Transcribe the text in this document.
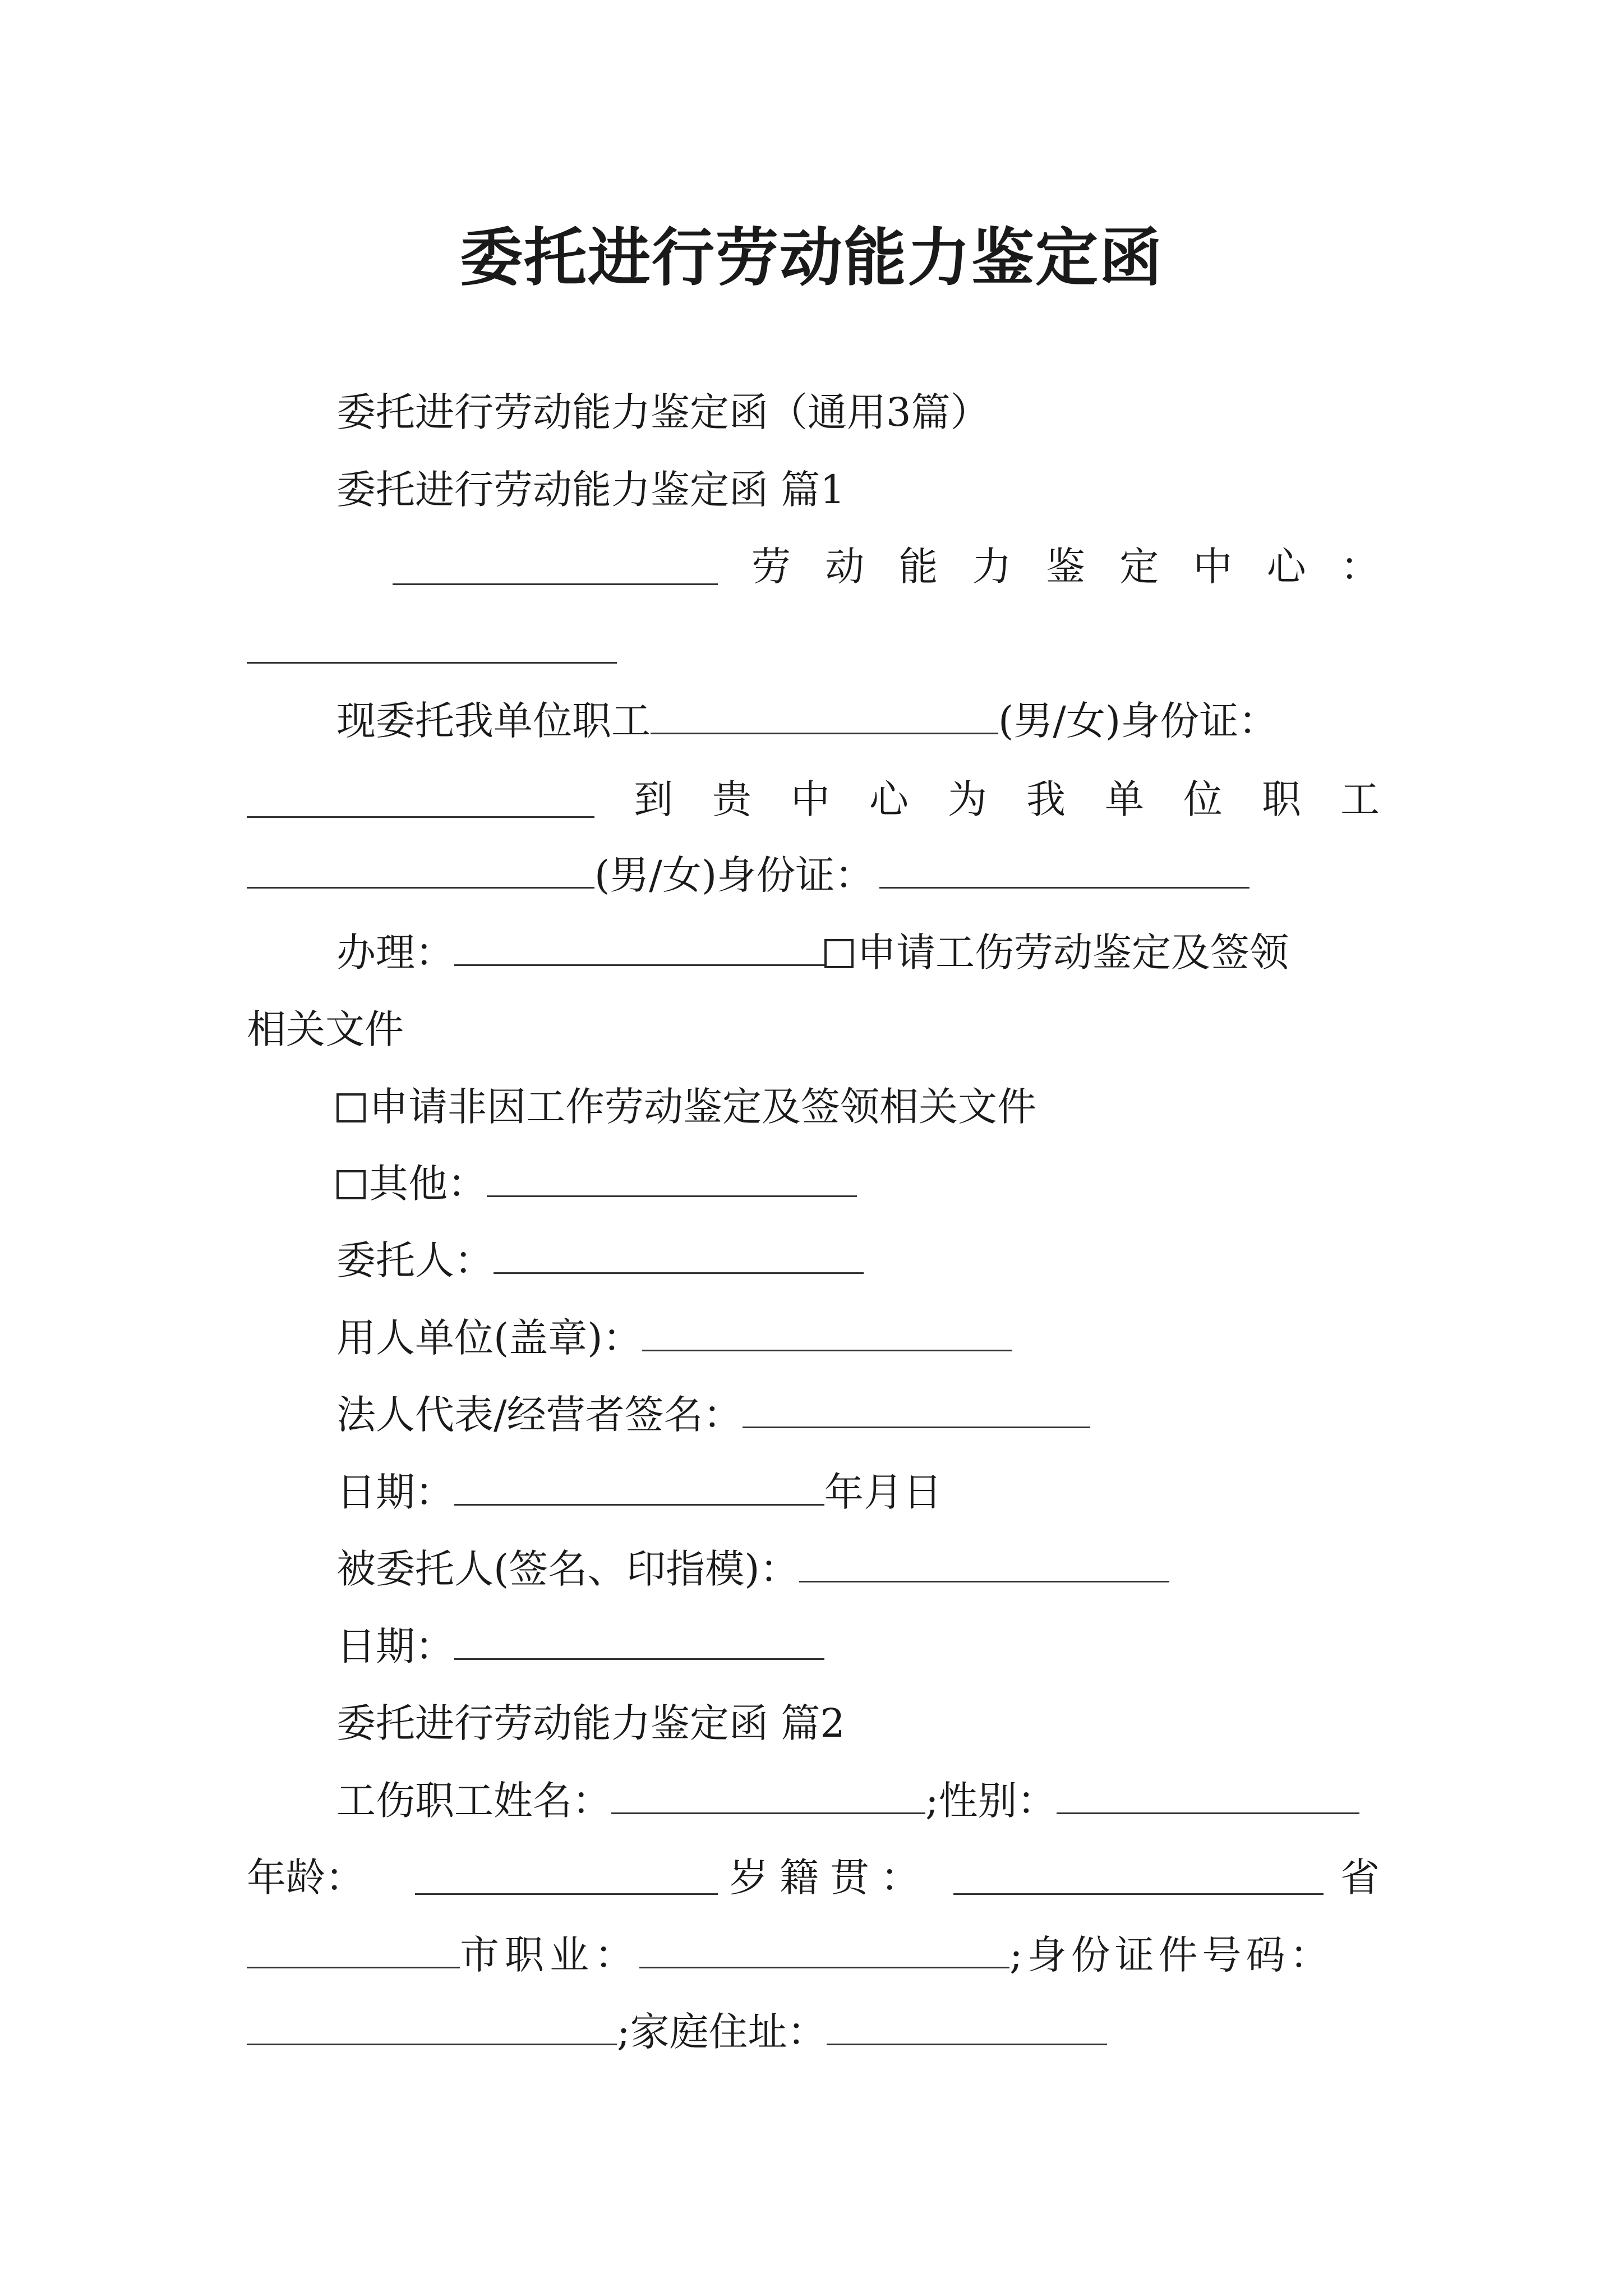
委托进行劳动能力鉴定函
委托进行劳动能力鉴定函（通用3篇）
委托进行劳动能力鉴定函 篇1
劳 动 能 力 鉴 定 中 心 ：
现委托我单位职工	(男/女)身份证：
到 贵 中 心 为 我 单 位 职 工
(男/女)身份证：
办理：	申请工伤劳动鉴定及签领
相关文件
申请非因工作劳动鉴定及签领相关文件
其他：
委托人：
用人单位(盖章)：
法人代表/经营者签名：
日期：	年月日
被委托人(签名、印指模)：
日期：
委托进行劳动能力鉴定函 篇2
工伤职工姓名：	;性别：
年 龄 ：	岁 籍 贯 ：	省
市职业：	;身份证件号码：
;家庭住址：
